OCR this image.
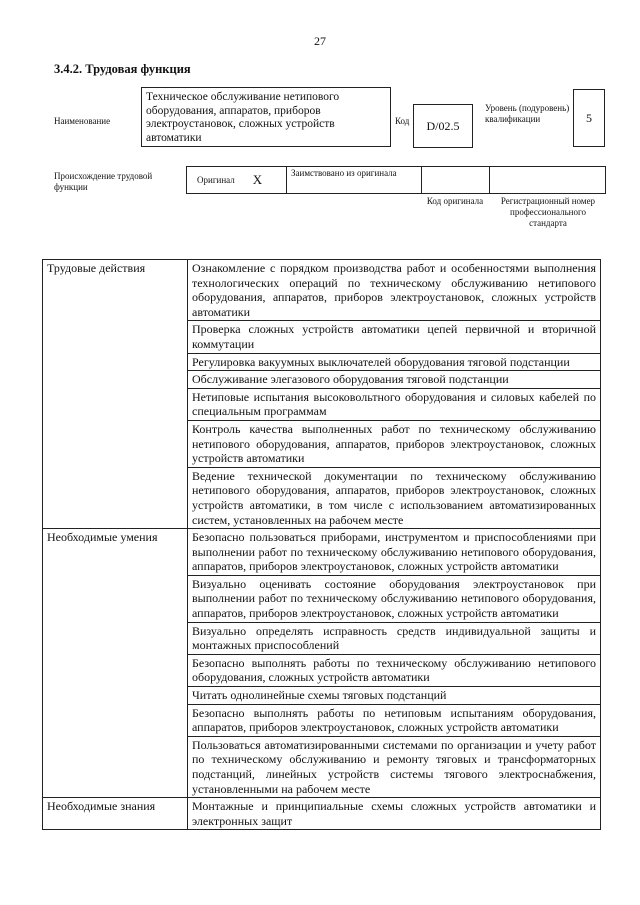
27
3.4.2. Трудовая функция
Наименование
Техническое обслуживание нетипового оборудования, аппаратов, приборов электроустановок, сложных устройств автоматики
Код	D/02.5
Уровень (подуровень) квалификации	5
Происхождение трудовой функции
Оригинал X	Заимствовано из оригинала
Код оригинала	Регистрационный номер профессионального стандарта
Трудовые действия	Ознакомление с порядком производства работ и особенностями выполнения технологических операций по техническому обслуживанию нетипового оборудования, аппаратов, приборов электроустановок, сложных устройств автоматики
	Проверка сложных устройств автоматики цепей первичной и вторичной коммутации
	Регулировка вакуумных выключателей оборудования тяговой подстанции
	Обслуживание элегазового оборудования тяговой подстанции
	Нетиповые испытания высоковольтного оборудования и силовых кабелей по специальным программам
	Контроль качества выполненных работ по техническому обслуживанию нетипового оборудования, аппаратов, приборов электроустановок, сложных устройств автоматики
	Ведение технической документации по техническому обслуживанию нетипового оборудования, аппаратов, приборов электроустановок, сложных устройств автоматики, в том числе с использованием автоматизированных систем, установленных на рабочем месте
Необходимые умения	Безопасно пользоваться приборами, инструментом и приспособлениями при выполнении работ по техническому обслуживанию нетипового оборудования, аппаратов, приборов электроустановок, сложных устройств автоматики
	Визуально оценивать состояние оборудования электроустановок при выполнении работ по техническому обслуживанию нетипового оборудования, аппаратов, приборов электроустановок, сложных устройств автоматики
	Визуально определять исправность средств индивидуальной защиты и монтажных приспособлений
	Безопасно выполнять работы по техническому обслуживанию нетипового оборудования, сложных устройств автоматики
	Читать однолинейные схемы тяговых подстанций
	Безопасно выполнять работы по нетиповым испытаниям оборудования, аппаратов, приборов электроустановок, сложных устройств автоматики
	Пользоваться автоматизированными системами по организации и учету работ по техническому обслуживанию и ремонту тяговых и трансформаторных подстанций, линейных устройств системы тягового электроснабжения, установленными на рабочем месте
Необходимые знания	Монтажные и принципиальные схемы сложных устройств автоматики и электронных защит
